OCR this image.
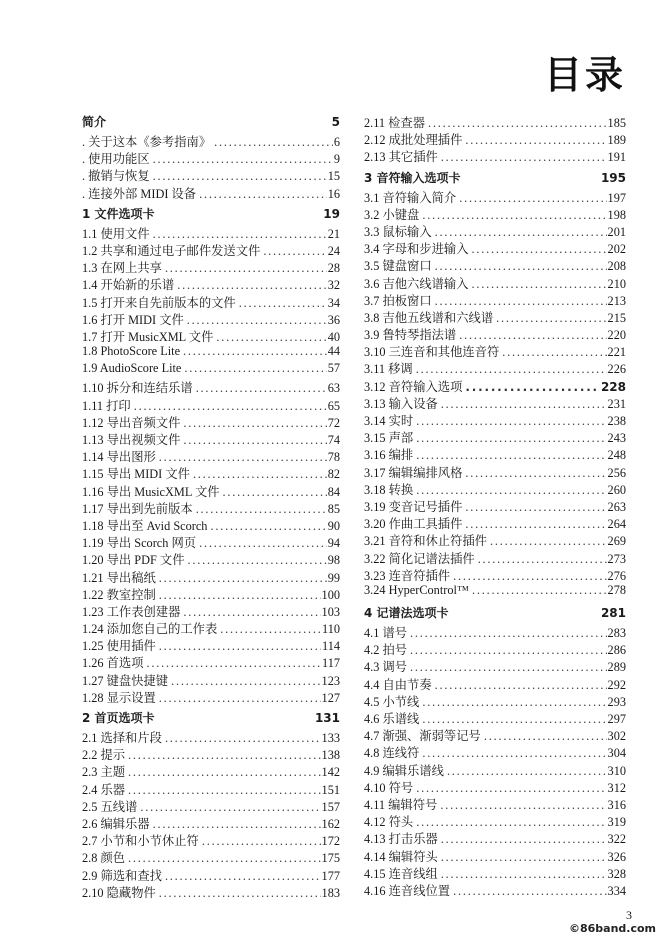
目录
简介	5
. 关于这本《参考指南》 .....	6
. 使用功能区 .....	9
. 撤销与恢复 .....	15
. 连接外部 MIDI 设备 .....	16
1 文件选项卡	19
1.1 使用文件 .....	21
1.2 共享和通过电子邮件发送文件 .....	24
1.3 在网上共享 .....	28
1.4 开始新的乐谱 .....	32
1.5 打开来自先前版本的文件 .....	34
1.6 打开 MIDI 文件 .....	36
1.7 打开 MusicXML 文件 .....	40
1.8 PhotoScore Lite .....	44
1.9 AudioScore Lite .....	57
1.10 拆分和连结乐谱 .....	63
1.11 打印 .....	65
1.12 导出音频文件 .....	72
1.13 导出视频文件 .....	74
1.14 导出图形 .....	78
1.15 导出 MIDI 文件 .....	82
1.16 导出 MusicXML 文件 .....	84
1.17 导出到先前版本 .....	85
1.18 导出至 Avid Scorch .....	90
1.19 导出 Scorch 网页 .....	94
1.20 导出 PDF 文件 .....	98
1.21 导出稿纸 .....	99
1.22 教室控制 .....	100
1.23 工作表创建器 .....	103
1.24 添加您自己的工作表 .....	110
1.25 使用插件 .....	114
1.26 首选项 .....	117
1.27 键盘快捷键 .....	123
1.28 显示设置 .....	127
2 首页选项卡	131
2.1 选择和片段 .....	133
2.2 提示 .....	138
2.3 主题 .....	142
2.4 乐器 .....	151
2.5 五线谱 .....	157
2.6 编辑乐器 .....	162
2.7 小节和小节休止符 .....	172
2.8 颜色 .....	175
2.9 筛选和查找 .....	177
2.10 隐藏物件 .....	183
2.11 检查器 .....	185
2.12 成批处理插件 .....	189
2.13 其它插件 .....	191
3 音符输入选项卡	195
3.1 音符输入简介 .....	197
3.2 小键盘 .....	198
3.3 鼠标输入 .....	201
3.4 字母和步进输入 .....	202
3.5 键盘窗口 .....	208
3.6 吉他六线谱输入 .....	210
3.7 拍板窗口 .....	213
3.8 吉他五线谱和六线谱 .....	215
3.9 鲁特琴指法谱 .....	220
3.10 三连音和其他连音符 .....	221
3.11 移调 .....	226
3.12 音符输入选项 .....	228
3.13 输入设备 .....	231
3.14 实时 .....	238
3.15 声部 .....	243
3.16 编排 .....	248
3.17 编辑编排风格 .....	256
3.18 转换 .....	260
3.19 变音记号插件 .....	263
3.20 作曲工具插件 .....	264
3.21 音符和休止符插件 .....	269
3.22 简化记谱法插件 .....	273
3.23 连音符插件 .....	276
3.24 HyperControl™ .....	278
4 记谱法选项卡	281
4.1 谱号 .....	283
4.2 拍号 .....	286
4.3 调号 .....	289
4.4 自由节奏 .....	292
4.5 小节线 .....	293
4.6 乐谱线 .....	297
4.7 渐强、渐弱等记号 .....	302
4.8 连线符 .....	304
4.9 编辑乐谱线 .....	310
4.10 符号 .....	312
4.11 编辑符号 .....	316
4.12 符头 .....	319
4.13 打击乐器 .....	322
4.14 编辑符头 .....	326
4.15 连音线组 .....	328
4.16 连音线位置 .....	334
3
©86band.com
